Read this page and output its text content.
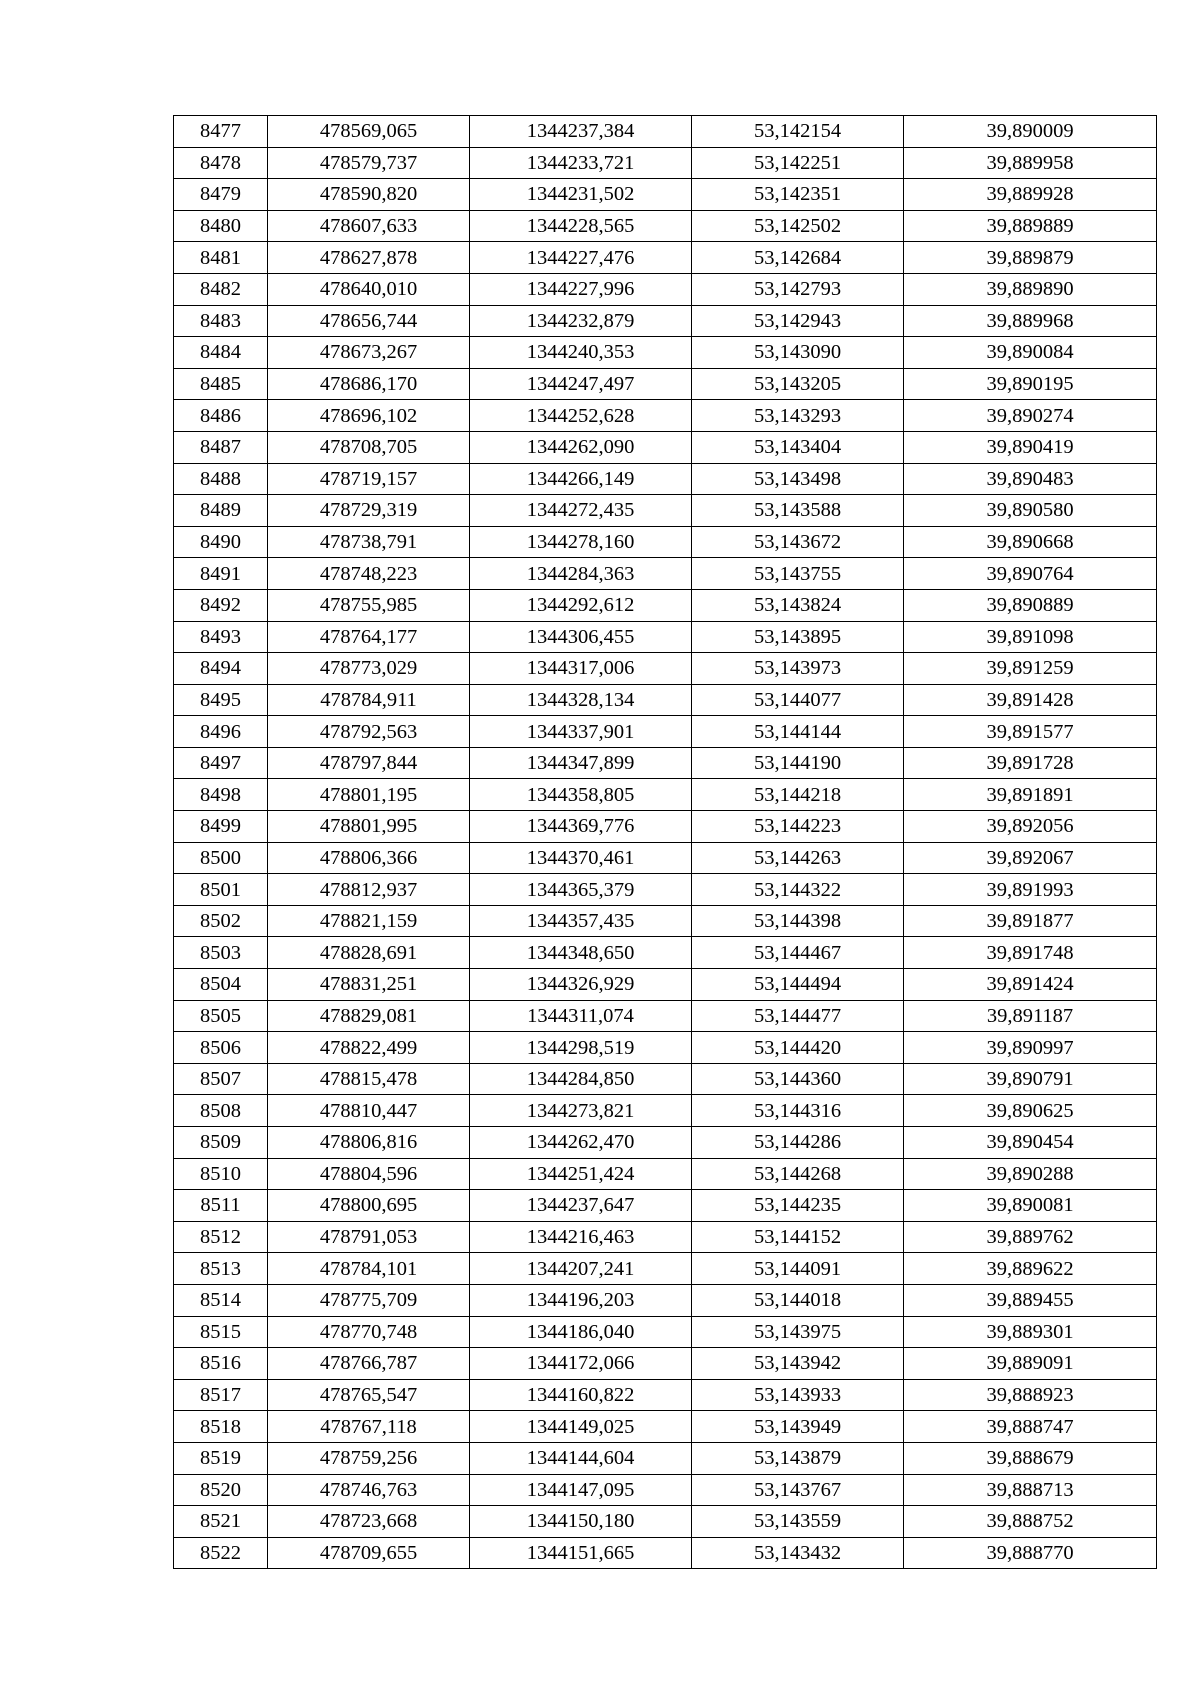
8477	478569,065	1344237,384	53,142154	39,890009
8478	478579,737	1344233,721	53,142251	39,889958
8479	478590,820	1344231,502	53,142351	39,889928
8480	478607,633	1344228,565	53,142502	39,889889
8481	478627,878	1344227,476	53,142684	39,889879
8482	478640,010	1344227,996	53,142793	39,889890
8483	478656,744	1344232,879	53,142943	39,889968
8484	478673,267	1344240,353	53,143090	39,890084
8485	478686,170	1344247,497	53,143205	39,890195
8486	478696,102	1344252,628	53,143293	39,890274
8487	478708,705	1344262,090	53,143404	39,890419
8488	478719,157	1344266,149	53,143498	39,890483
8489	478729,319	1344272,435	53,143588	39,890580
8490	478738,791	1344278,160	53,143672	39,890668
8491	478748,223	1344284,363	53,143755	39,890764
8492	478755,985	1344292,612	53,143824	39,890889
8493	478764,177	1344306,455	53,143895	39,891098
8494	478773,029	1344317,006	53,143973	39,891259
8495	478784,911	1344328,134	53,144077	39,891428
8496	478792,563	1344337,901	53,144144	39,891577
8497	478797,844	1344347,899	53,144190	39,891728
8498	478801,195	1344358,805	53,144218	39,891891
8499	478801,995	1344369,776	53,144223	39,892056
8500	478806,366	1344370,461	53,144263	39,892067
8501	478812,937	1344365,379	53,144322	39,891993
8502	478821,159	1344357,435	53,144398	39,891877
8503	478828,691	1344348,650	53,144467	39,891748
8504	478831,251	1344326,929	53,144494	39,891424
8505	478829,081	1344311,074	53,144477	39,891187
8506	478822,499	1344298,519	53,144420	39,890997
8507	478815,478	1344284,850	53,144360	39,890791
8508	478810,447	1344273,821	53,144316	39,890625
8509	478806,816	1344262,470	53,144286	39,890454
8510	478804,596	1344251,424	53,144268	39,890288
8511	478800,695	1344237,647	53,144235	39,890081
8512	478791,053	1344216,463	53,144152	39,889762
8513	478784,101	1344207,241	53,144091	39,889622
8514	478775,709	1344196,203	53,144018	39,889455
8515	478770,748	1344186,040	53,143975	39,889301
8516	478766,787	1344172,066	53,143942	39,889091
8517	478765,547	1344160,822	53,143933	39,888923
8518	478767,118	1344149,025	53,143949	39,888747
8519	478759,256	1344144,604	53,143879	39,888679
8520	478746,763	1344147,095	53,143767	39,888713
8521	478723,668	1344150,180	53,143559	39,888752
8522	478709,655	1344151,665	53,143432	39,888770
